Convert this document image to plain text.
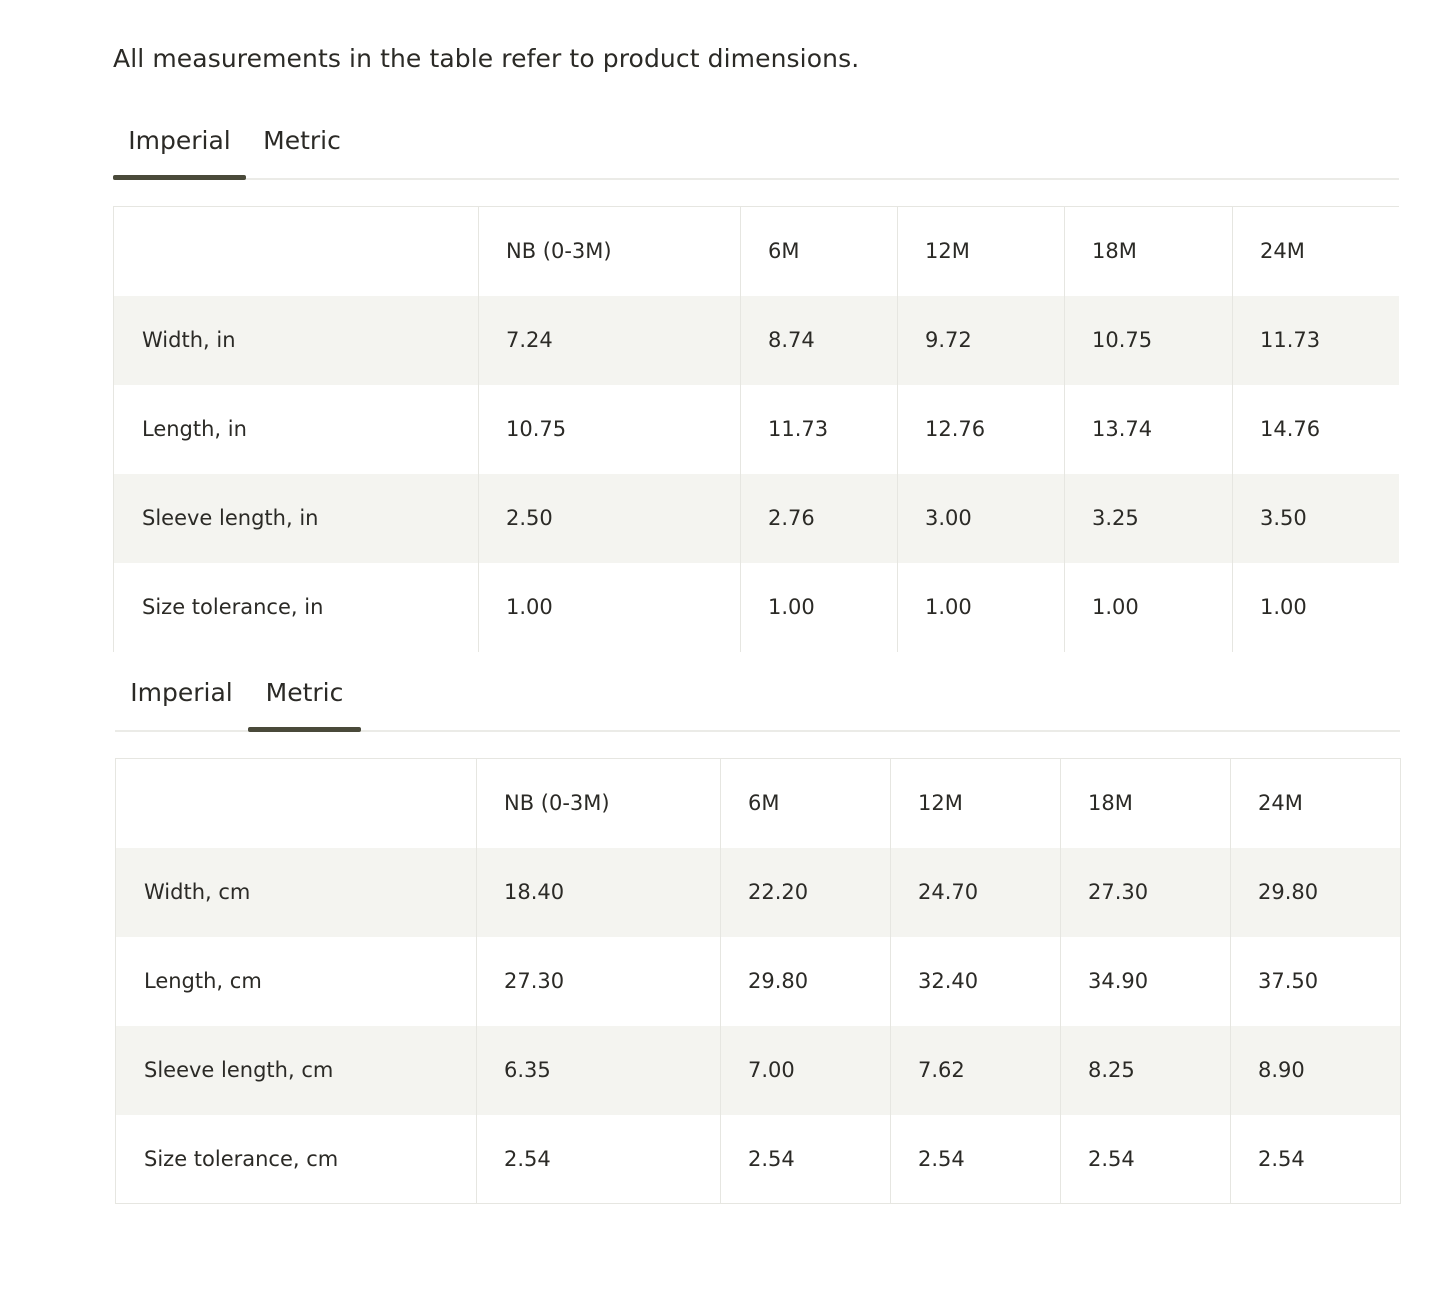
All measurements in the table refer to product dimensions.
Imperial Metric
	NB (0-3M)	6M	12M	18M	24M
Width, in	7.24	8.74	9.72	10.75	11.73
Length, in	10.75	11.73	12.76	13.74	14.76
Sleeve length, in	2.50	2.76	3.00	3.25	3.50
Size tolerance, in	1.00	1.00	1.00	1.00	1.00
Imperial Metric
	NB (0-3M)	6M	12M	18M	24M
Width, cm	18.40	22.20	24.70	27.30	29.80
Length, cm	27.30	29.80	32.40	34.90	37.50
Sleeve length, cm	6.35	7.00	7.62	8.25	8.90
Size tolerance, cm	2.54	2.54	2.54	2.54	2.54
